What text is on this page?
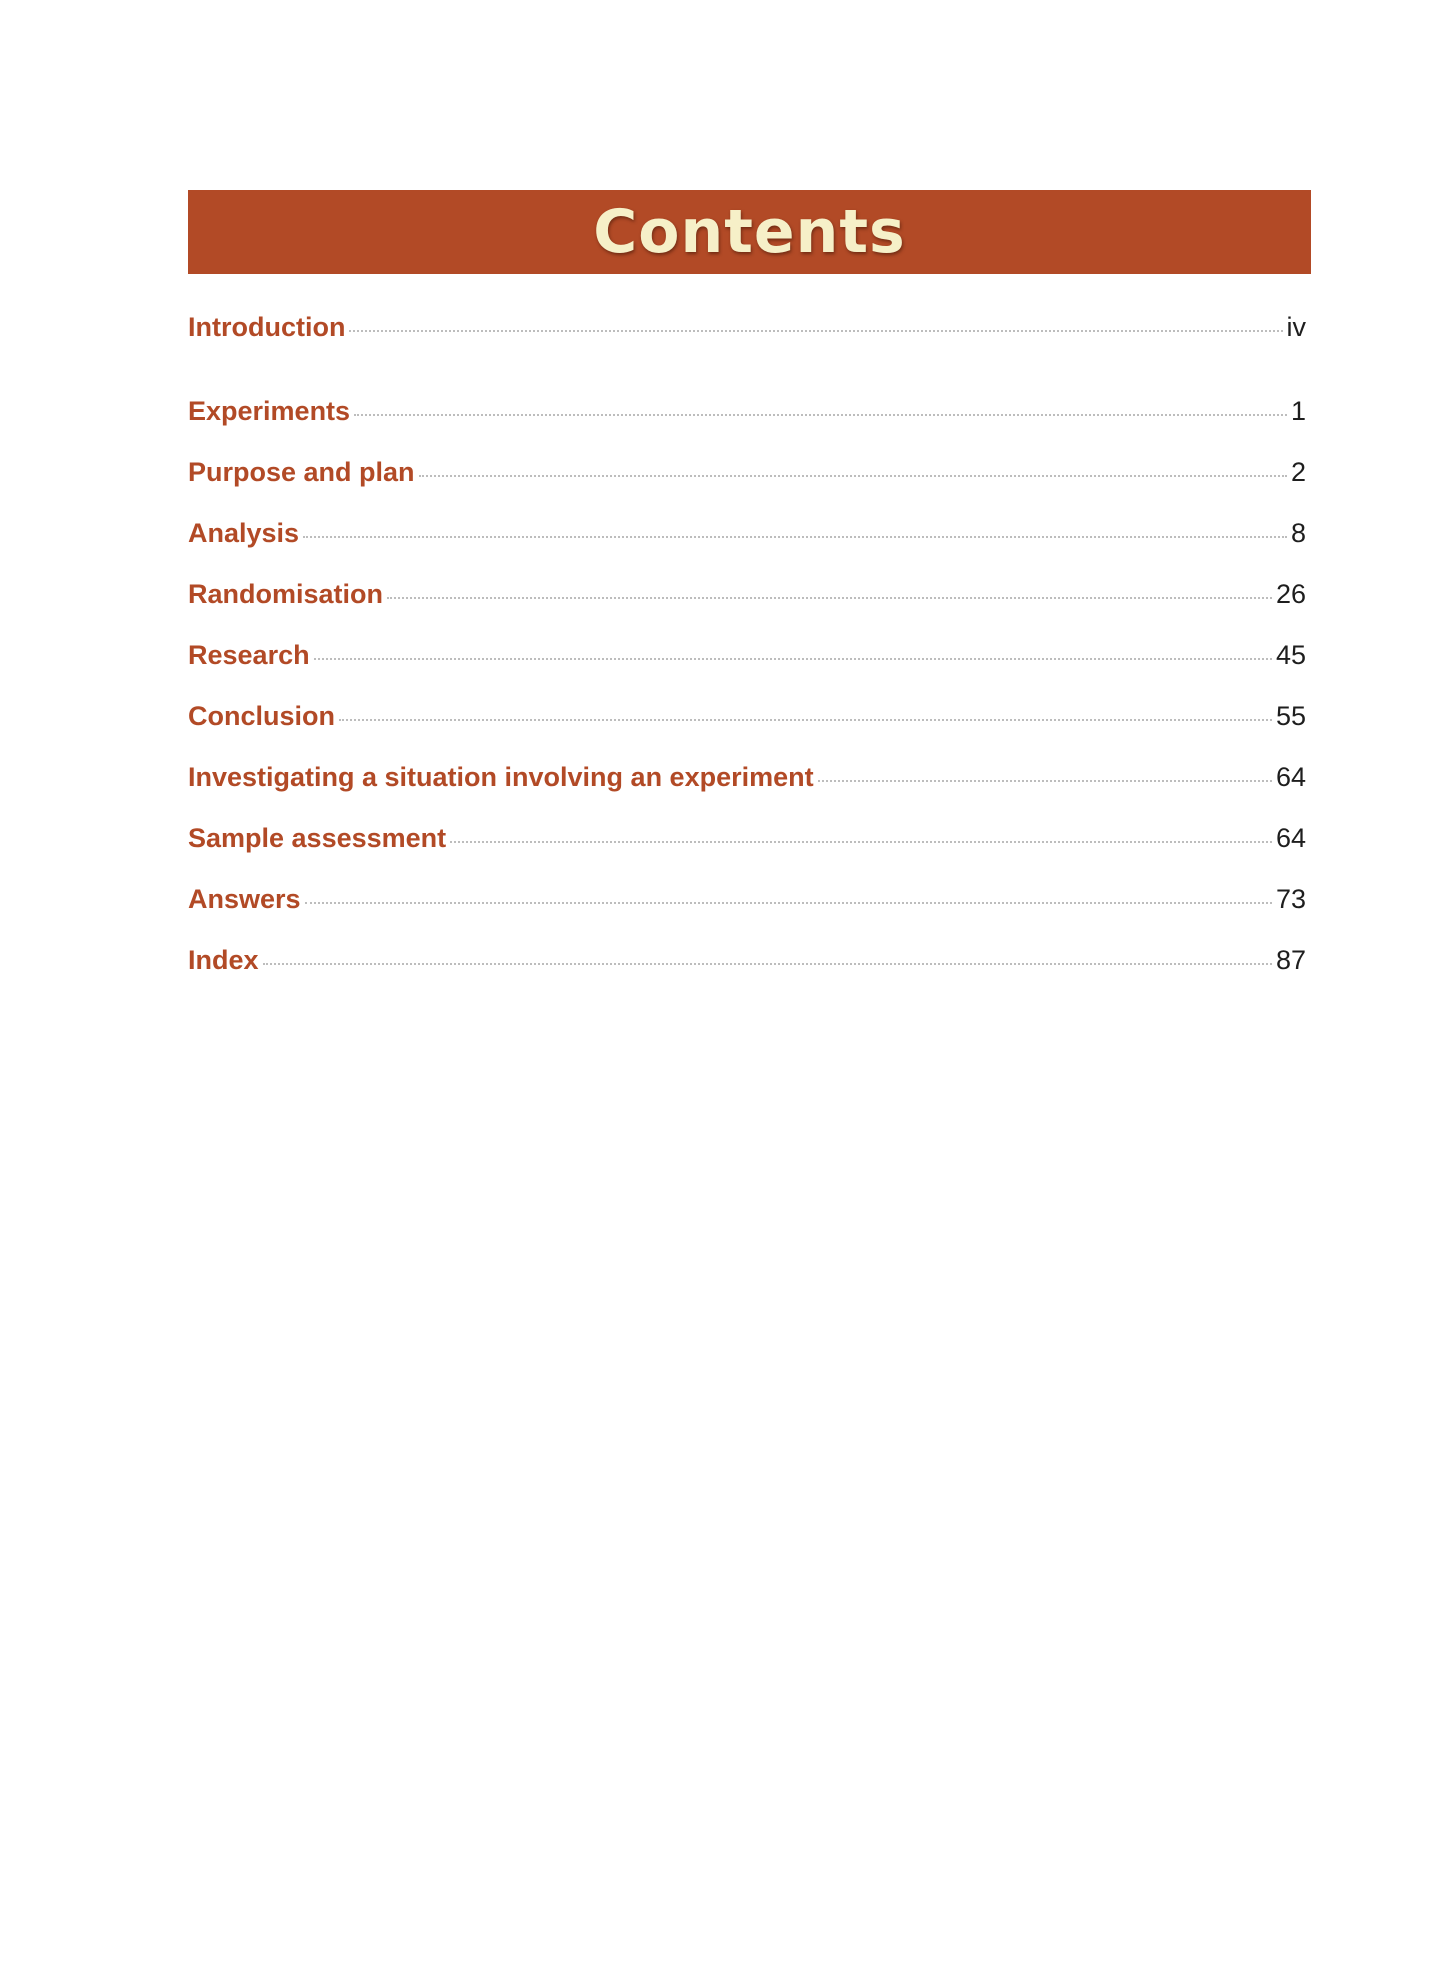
Contents
Introduction	iv
Experiments	1
Purpose and plan	2
Analysis	8
Randomisation	26
Research	45
Conclusion	55
Investigating a situation involving an experiment	64
Sample assessment	64
Answers	73
Index	87
